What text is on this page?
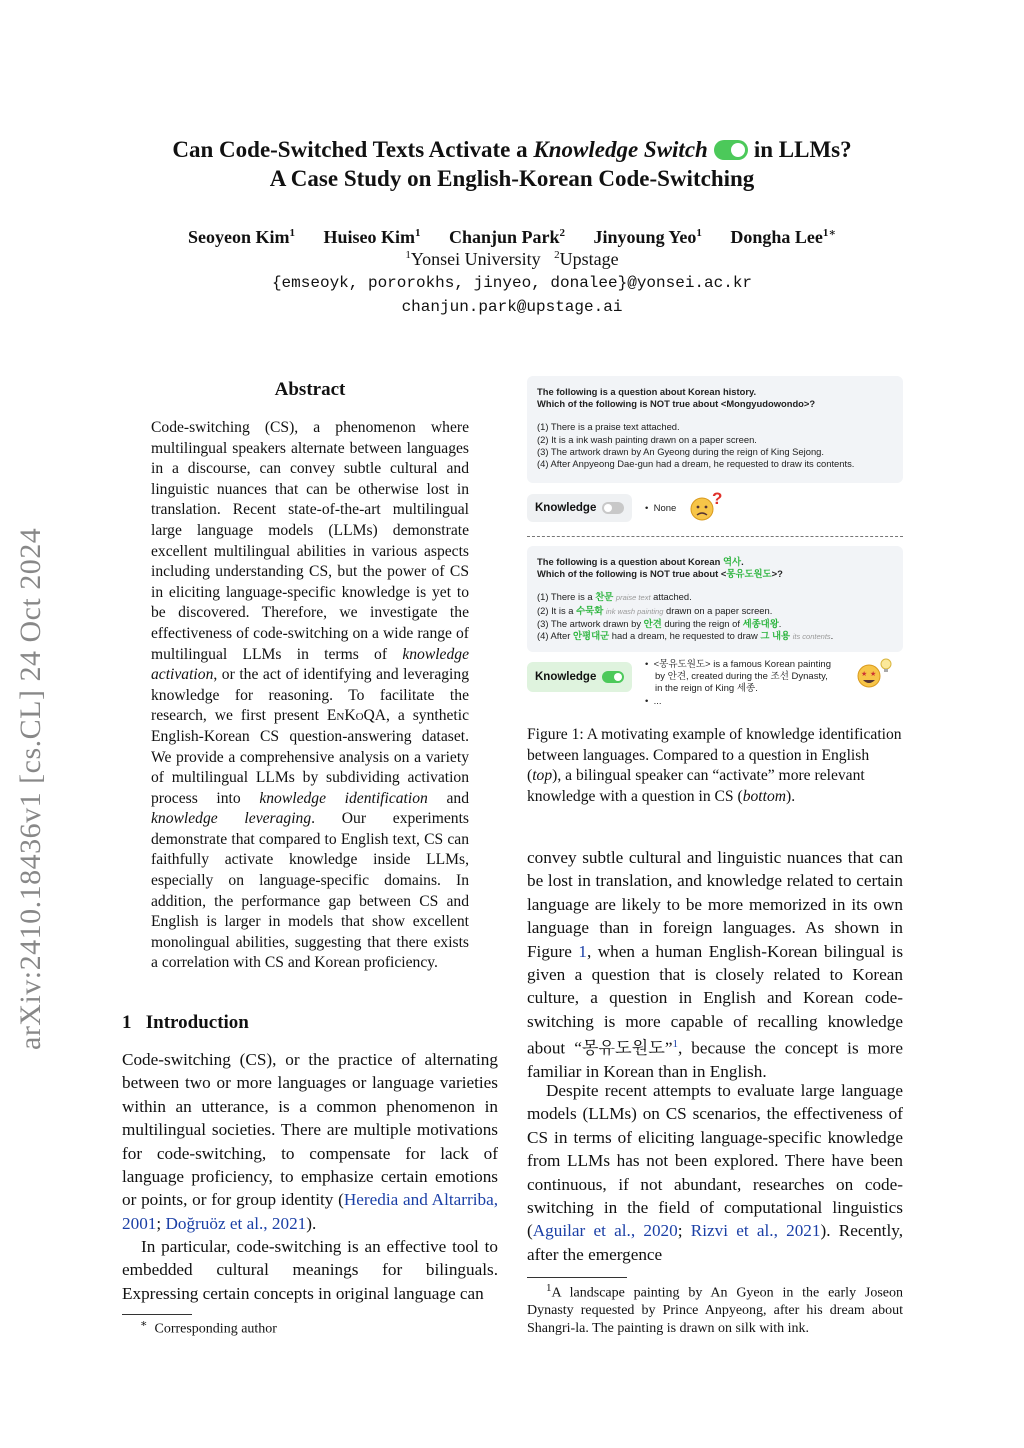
arXiv:2410.18436v1 [cs.CL] 24 Oct 2024
Can Code-Switched Texts Activate a Knowledge Switch in LLMs?
A Case Study on English-Korean Code-Switching
Seoyeon Kim$^1$ Huiseo Kim$^1$ Chanjun Park$^2$ Jinyoung Yeo$^1$ Dongha Lee$^{1∗}$
$^1$Yonsei University $^2$Upstage
{emseoyk, pororokhs, jinyeo, donalee}@yonsei.ac.kr
chanjun.park@upstage.ai
Abstract
Code-switching (CS), a phenomenon where multilingual speakers alternate between languages in a discourse, can convey subtle cultural and linguistic nuances that can be otherwise lost in translation. Recent state-of-the-art multilingual large language models (LLMs) demonstrate excellent multilingual abilities in various aspects including understanding CS, but the power of CS in eliciting language-specific knowledge is yet to be discovered. Therefore, we investigate the effectiveness of code-switching on a wide range of multilingual LLMs in terms of knowledge activation, or the act of identifying and leveraging knowledge for reasoning. To facilitate the research, we first present EnKoQA, a synthetic English-Korean CS question-answering dataset. We provide a comprehensive analysis on a variety of multilingual LLMs by subdividing activation process into knowledge identification and knowledge leveraging. Our experiments demonstrate that compared to English text, CS can faithfully activate knowledge inside LLMs, especially on language-specific domains. In addition, the performance gap between CS and English is larger in models that show excellent monolingual abilities, suggesting that there exists a correlation with CS and Korean proficiency.
1 Introduction
Code-switching (CS), or the practice of alternating between two or more languages or language varieties within an utterance, is a common phenomenon in multilingual societies. There are multiple motivations for code-switching, to compensate for lack of language proficiency, to emphasize certain emotions or points, or for group identity (Heredia and Altarriba, 2001; Doğruöz et al., 2021).
In particular, code-switching is an effective tool to embedded cultural meanings for bilinguals. Expressing certain concepts in original language can
∗ Corresponding author
The following is a question about Korean history.
Which of the following is NOT true about <Mongyudowondo>?
(1) There is a praise text attached.
(2) It is a ink wash painting drawn on a paper screen.
(3) The artwork drawn by An Gyeong during the reign of King Sejong.
(4) After Anpyeong Dae-gun had a dream, he requested to draw its contents.
Knowledge	•  None
?
The following is a question about Korean 역사.
Which of the following is NOT true about <몽유도원도>?
(1) There is a 찬문 praise text attached.
(2) It is a 수묵화 ink wash painting drawn on a paper screen.
(3) The artwork drawn by 안견 during the reign of 세종대왕.
(4) After 안평대군 had a dream, he requested to draw 그 내용 its contents.
Knowledge
•  <몽유도원도> is a famous Korean painting
by 안견, created during the 조선 Dynasty,
in the reign of King 세종.
•  ...
★ ★
Figure 1: A motivating example of knowledge identification between languages. Compared to a question in English (top), a bilingual speaker can “activate” more relevant knowledge with a question in CS (bottom).
convey subtle cultural and linguistic nuances that can be lost in translation, and knowledge related to certain language are likely to be more memorized in its own language than in foreign languages. As shown in Figure 1, when a human English-Korean bilingual is given a question that is closely related to Korean culture, a question in English and Korean code-switching is more capable of recalling knowledge about “몽유도원도”$^1$, because the concept is more familiar in Korean than in English.
Despite recent attempts to evaluate large language models (LLMs) on CS scenarios, the effectiveness of CS in terms of eliciting language-specific knowledge from LLMs has not been explored. There have been continuous, if not abundant, researches on code-switching in the field of computational linguistics (Aguilar et al., 2020; Rizvi et al., 2021). Recently, after the emergence
$^1$A landscape painting by An Gyeon in the early Joseon Dynasty requested by Prince Anpyeong, after his dream about Shangri-la. The painting is drawn on silk with ink.
